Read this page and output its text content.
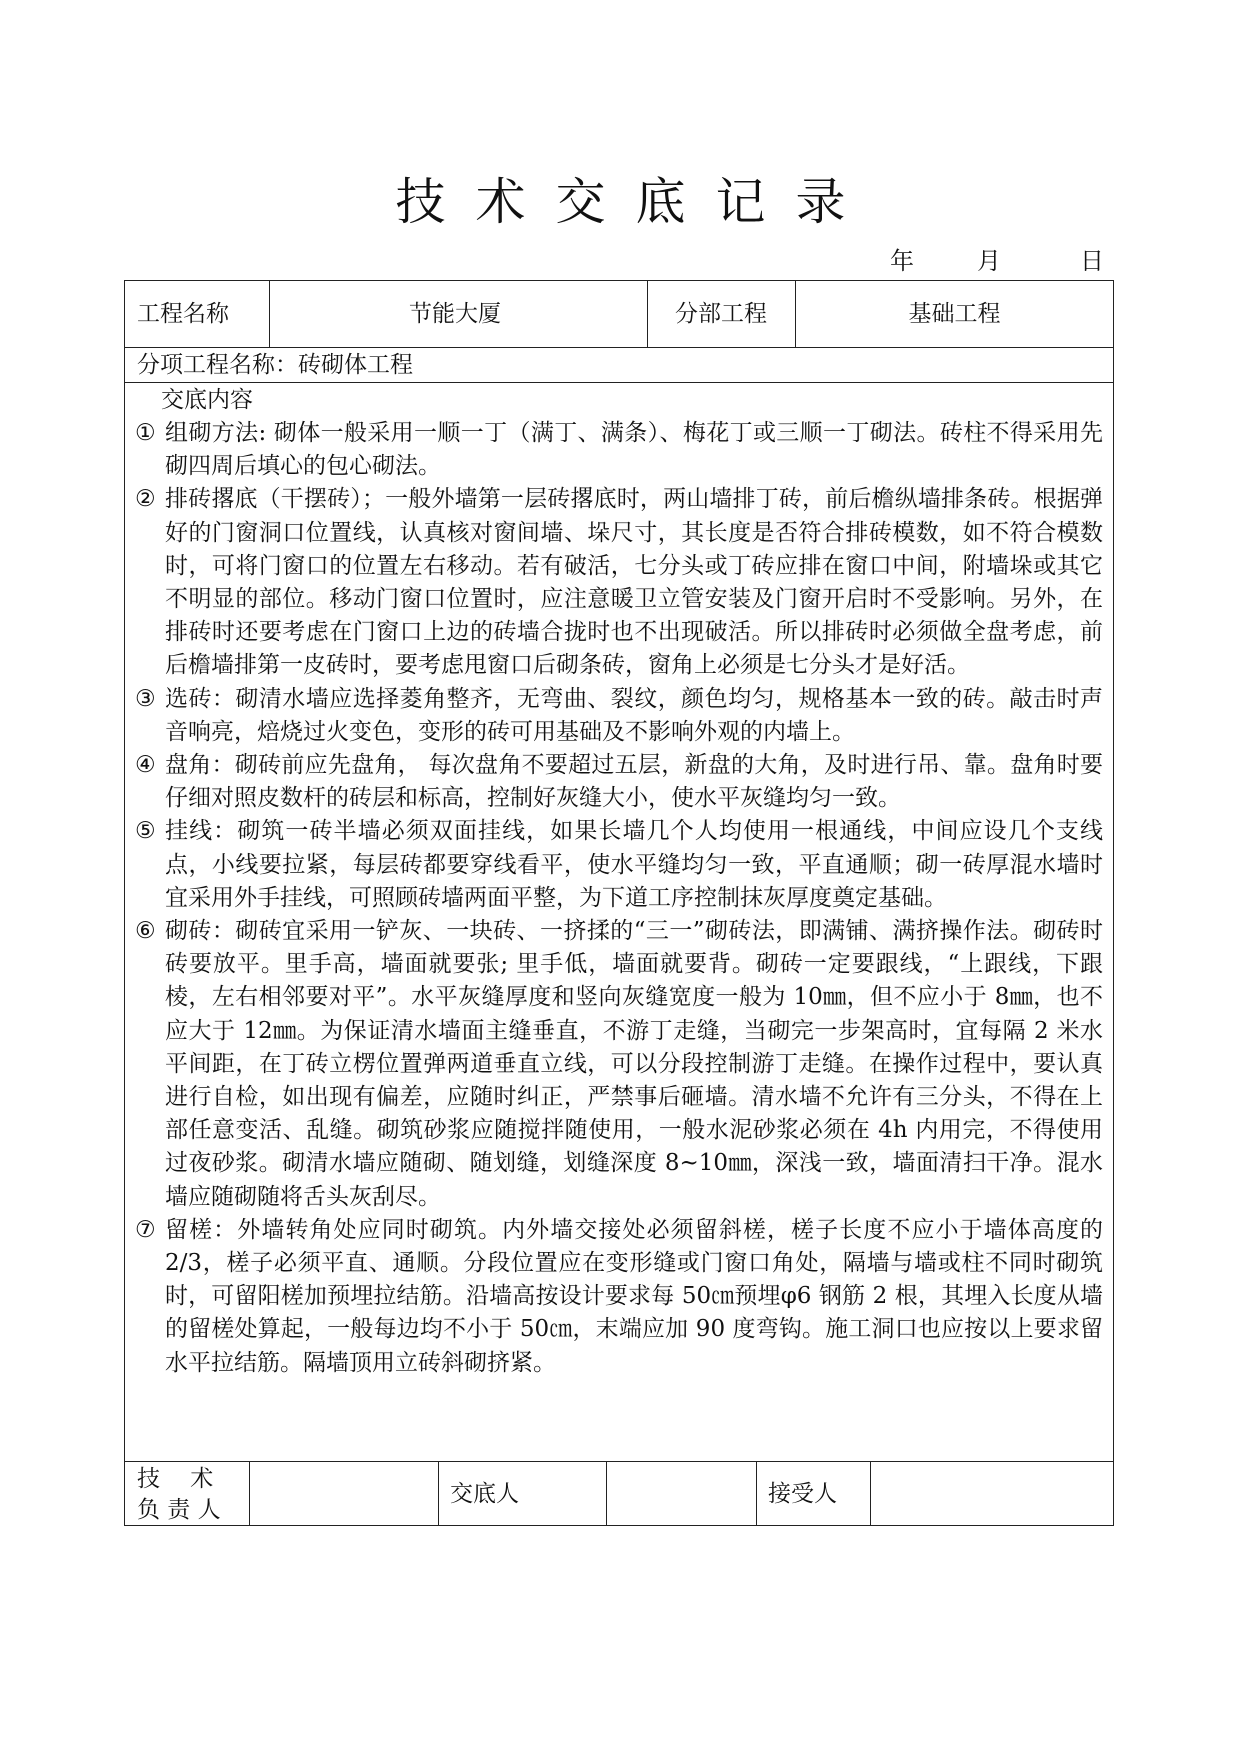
技术交底记录
年	月	日
工程名称	节能大厦	分部工程	基础工程
分项工程名称：砖砌体工程
交底内容
① 组砌方法: 砌体一般采用一顺一丁（满丁、满条）、梅花丁或三顺一丁砌法。砖柱不得采用先砌四周后填心的包心砌法。
② 排砖撂底（干摆砖）；一般外墙第一层砖撂底时，两山墙排丁砖，前后檐纵墙排条砖。根据弹好的门窗洞口位置线，认真核对窗间墙、垛尺寸，其长度是否符合排砖模数，如不符合模数时，可将门窗口的位置左右移动。若有破活，七分头或丁砖应排在窗口中间，附墙垛或其它不明显的部位。移动门窗口位置时，应注意暖卫立管安装及门窗开启时不受影响。另外，在排砖时还要考虑在门窗口上边的砖墙合拢时也不出现破活。所以排砖时必须做全盘考虑，前后檐墙排第一皮砖时，要考虑甩窗口后砌条砖，窗角上必须是七分头才是好活。
③ 选砖：砌清水墙应选择菱角整齐，无弯曲、裂纹，颜色均匀，规格基本一致的砖。敲击时声音响亮，焙烧过火变色，变形的砖可用基础及不影响外观的内墙上。
④ 盘角：砌砖前应先盘角， 每次盘角不要超过五层，新盘的大角，及时进行吊、靠。盘角时要仔细对照皮数杆的砖层和标高，控制好灰缝大小，使水平灰缝均匀一致。
⑤ 挂线：砌筑一砖半墙必须双面挂线，如果长墙几个人均使用一根通线，中间应设几个支线点，小线要拉紧，每层砖都要穿线看平，使水平缝均匀一致，平直通顺；砌一砖厚混水墙时宜采用外手挂线，可照顾砖墙两面平整，为下道工序控制抹灰厚度奠定基础。
⑥ 砌砖：砌砖宜采用一铲灰、一块砖、一挤揉的“三一”砌砖法，即满铺、满挤操作法。砌砖时砖要放平。里手高，墙面就要张; 里手低，墙面就要背。砌砖一定要跟线，“上跟线，下跟棱，左右相邻要对平”。水平灰缝厚度和竖向灰缝宽度一般为 10㎜，但不应小于 8㎜，也不应大于 12㎜。为保证清水墙面主缝垂直，不游丁走缝，当砌完一步架高时，宜每隔 2 米水平间距，在丁砖立楞位置弹两道垂直立线，可以分段控制游丁走缝。在操作过程中，要认真进行自检，如出现有偏差，应随时纠正，严禁事后砸墙。清水墙不允许有三分头，不得在上部任意变活、乱缝。砌筑砂浆应随搅拌随使用，一般水泥砂浆必须在 4h 内用完，不得使用过夜砂浆。砌清水墙应随砌、随划缝，划缝深度 8~10㎜，深浅一致，墙面清扫干净。混水墙应随砌随将舌头灰刮尽。
⑦ 留槎：外墙转角处应同时砌筑。内外墙交接处必须留斜槎，槎子长度不应小于墙体高度的 2/3，槎子必须平直、通顺。分段位置应在变形缝或门窗口角处，隔墙与墙或柱不同时砌筑时，可留阳槎加预埋拉结筋。沿墙高按设计要求每 50㎝预埋φ6 钢筋 2 根，其埋入长度从墙的留槎处算起，一般每边均不小于 50㎝，末端应加 90 度弯钩。施工洞口也应按以上要求留水平拉结筋。隔墙顶用立砖斜砌挤紧。
技　 术
负 责 人
交底人	接受人
